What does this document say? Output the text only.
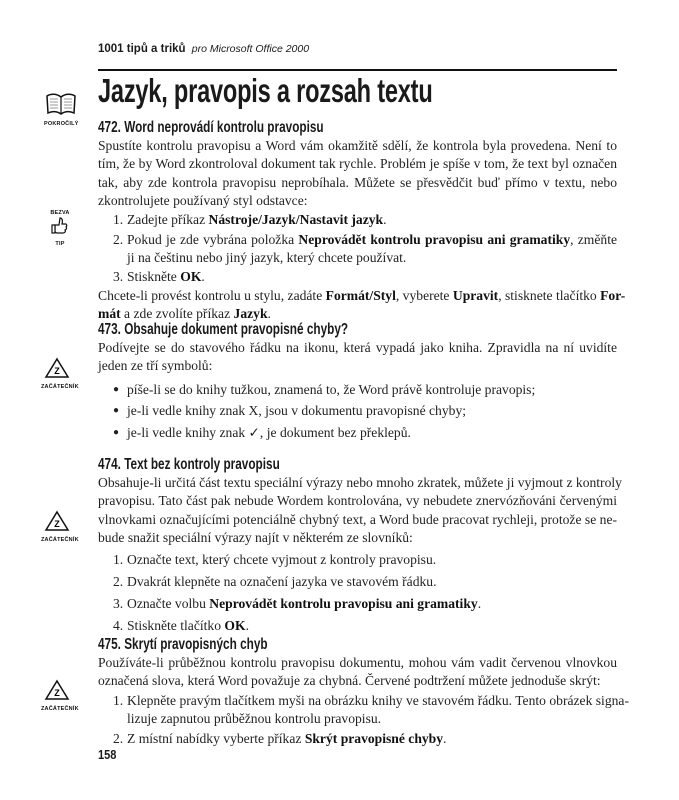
1001 tipů a triků pro Microsoft Office 2000
Jazyk, pravopis a rozsah textu
POKROČILÝ
BEZVA
TIP
Z
ZAČÁTEČNÍK
Z
ZAČÁTEČNÍK
Z
ZAČÁTEČNÍK
472. Word neprovádí kontrolu pravopisu
Spustíte kontrolu pravopisu a Word vám okamžitě sdělí, že kontrola byla provedena. Není to
tím, že by Word zkontroloval dokument tak rychle. Problém je spíše v tom, že text byl označen
tak, aby zde kontrola pravopisu neprobíhala. Můžete se přesvědčit buď přímo v textu, nebo
zkontrolujete používaný styl odstavce:
1. Zadejte příkaz Nástroje/Jazyk/Nastavit jazyk.
2. Pokud je zde vybrána položka Neprovádět kontrolu pravopisu ani gramatiky, změňte
ji na češtinu nebo jiný jazyk, který chcete používat.
3. Stiskněte OK.
Chcete-li provést kontrolu u stylu, zadáte Formát/Styl, vyberete Upravit, stisknete tlačítko For-
mát a zde zvolíte příkaz Jazyk.
473. Obsahuje dokument pravopisné chyby?
Podívejte se do stavového řádku na ikonu, která vypadá jako kniha. Zpravidla na ní uvidíte
jeden ze tří symbolů:
● píše-li se do knihy tužkou, znamená to, že Word právě kontroluje pravopis;
● je-li vedle knihy znak X, jsou v dokumentu pravopisné chyby;
● je-li vedle knihy znak ✓, je dokument bez překlepů.
474. Text bez kontroly pravopisu
Obsahuje-li určitá část textu speciální výrazy nebo mnoho zkratek, můžete ji vyjmout z kontroly
pravopisu. Tato část pak nebude Wordem kontrolována, vy nebudete znervózňováni červenými
vlnovkami označujícími potenciálně chybný text, a Word bude pracovat rychleji, protože se ne-
bude snažit speciální výrazy najít v některém ze slovníků:
1. Označte text, který chcete vyjmout z kontroly pravopisu.
2. Dvakrát klepněte na označení jazyka ve stavovém řádku.
3. Označte volbu Neprovádět kontrolu pravopisu ani gramatiky.
4. Stiskněte tlačítko OK.
475. Skrytí pravopisných chyb
Používáte-li průběžnou kontrolu pravopisu dokumentu, mohou vám vadit červenou vlnovkou
označená slova, která Word považuje za chybná. Červené podtržení můžete jednoduše skrýt:
1. Klepněte pravým tlačítkem myši na obrázku knihy ve stavovém řádku. Tento obrázek signa-
lizuje zapnutou průběžnou kontrolu pravopisu.
2. Z místní nabídky vyberte příkaz Skrýt pravopisné chyby.
158
